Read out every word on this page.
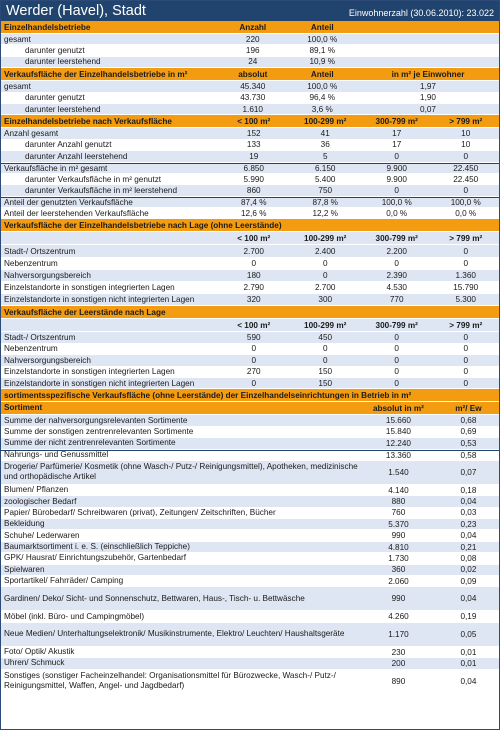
Werder (Havel), Stadt	Einwohnerzahl (30.06.2010): 23.022
Einzelhandelsbetriebe	Anzahl	Anteil
gesamt	220	100,0 %
darunter genutzt	196	89,1 %
darunter leerstehend	24	10,9 %
Verkaufsfläche der Einzelhandelsbetriebe in m²	absolut	Anteil	in m² je Einwohner
gesamt	45.340	100,0 %	1,97
darunter genutzt	43.730	96,4 %	1,90
darunter leerstehend	1.610	3,6 %	0,07
Einzelhandelsbetriebe nach Verkaufsfläche	< 100 m²	100-299 m²	300-799 m²	> 799 m²
Anzahl gesamt	152	41	17	10
darunter Anzahl genutzt	133	36	17	10
darunter Anzahl leerstehend	19	5	0	0
Verkaufsfläche in m² gesamt	6.850	6.150	9.900	22.450
darunter Verkaufsfläche in m² genutzt	5.990	5.400	9.900	22.450
darunter Verkaufsfläche in m² leerstehend	860	750	0	0
Anteil der genutzten Verkaufsfläche	87,4 %	87,8 %	100,0 %	100,0 %
Anteil der leerstehenden Verkaufsfläche	12,6 %	12,2 %	0,0 %	0,0 %
Verkaufsfläche der Einzelhandelsbetriebe nach Lage (ohne Leerstände)
< 100 m²	100-299 m²	300-799 m²	> 799 m²
Stadt-/ Ortszentrum	2.700	2.400	2.200	0
Nebenzentrum	0	0	0	0
Nahversorgungsbereich	180	0	2.390	1.360
Einzelstandorte in sonstigen integrierten Lagen	2.790	2.700	4.530	15.790
Einzelstandorte in sonstigen nicht integrierten Lagen	320	300	770	5.300
Verkaufsfläche der Leerstände nach Lage
< 100 m²	100-299 m²	300-799 m²	> 799 m²
Stadt-/ Ortszentrum	590	450	0	0
Nebenzentrum	0	0	0	0
Nahversorgungsbereich	0	0	0	0
Einzelstandorte in sonstigen integrierten Lagen	270	150	0	0
Einzelstandorte in sonstigen nicht integrierten Lagen	0	150	0	0
sortimentsspezifische Verkaufsfläche (ohne Leerstände) der Einzelhandelseinrichtungen in Betrieb in m²
Sortiment	absolut in m²	m²/ Ew
Summe der nahversorgungsrelevanten Sortimente	15.660	0,68
Summe der sonstigen zentrenrelevanten Sortimente	15.840	0,69
Summe der nicht zentrenrelevanten Sortimente	12.240	0,53
Nahrungs- und Genussmittel	13.360	0,58
Drogerie/ Parfümerie/ Kosmetik (ohne Wasch-/ Putz-/ Reinigungsmittel), Apotheken, medizinische und orthopädische Artikel	1.540	0,07
Blumen/ Pflanzen	4.140	0,18
zoologischer Bedarf	880	0,04
Papier/ Bürobedarf/ Schreibwaren (privat), Zeitungen/ Zeitschriften, Bücher	760	0,03
Bekleidung	5.370	0,23
Schuhe/ Lederwaren	990	0,04
Baumarktsortiment i. e. S. (einschließlich Teppiche)	4.810	0,21
GPK/ Hausrat/ Einrichtungszubehör, Gartenbedarf	1.730	0,08
Spielwaren	360	0,02
Sportartikel/ Fahrräder/ Camping	2.060	0,09
Gardinen/ Deko/ Sicht- und Sonnenschutz, Bettwaren, Haus-, Tisch- u. Bettwäsche	990	0,04
Möbel (inkl. Büro- und Campingmöbel)	4.260	0,19
Neue Medien/ Unterhaltungselektronik/ Musikinstrumente, Elektro/ Leuchten/ Haushaltsgeräte	1.170	0,05
Foto/ Optik/ Akustik	230	0,01
Uhren/ Schmuck	200	0,01
Sonstiges (sonstiger Facheinzelhandel: Organisationsmittel für Bürozwecke, Wasch-/ Putz-/ Reinigungsmittel, Waffen, Angel- und Jagdbedarf)	890	0,04
